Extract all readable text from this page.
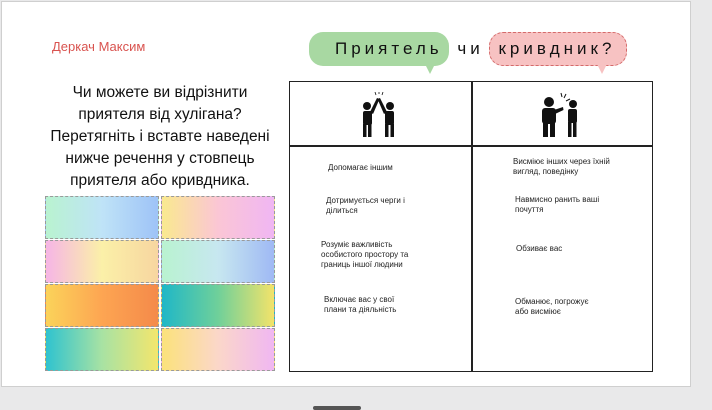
Деркач Максим
Чи можете ви відрізнити
приятеля від хулігана?
Перетягніть і вставте наведені
нижче речення у стовпець
приятеля або кривдника.
Приятель чи кривдник?
Допомагає іншим
Дотримується черги і ділиться
Розуміє важливість особистого простору та границь іншої людини
Включає вас у свої плани та діяльність
Висміює інших через їхній вигляд, поведінку
Навмисно ранить ваші почуття
Обзиває вас
Обманює, погрожує або висміює
